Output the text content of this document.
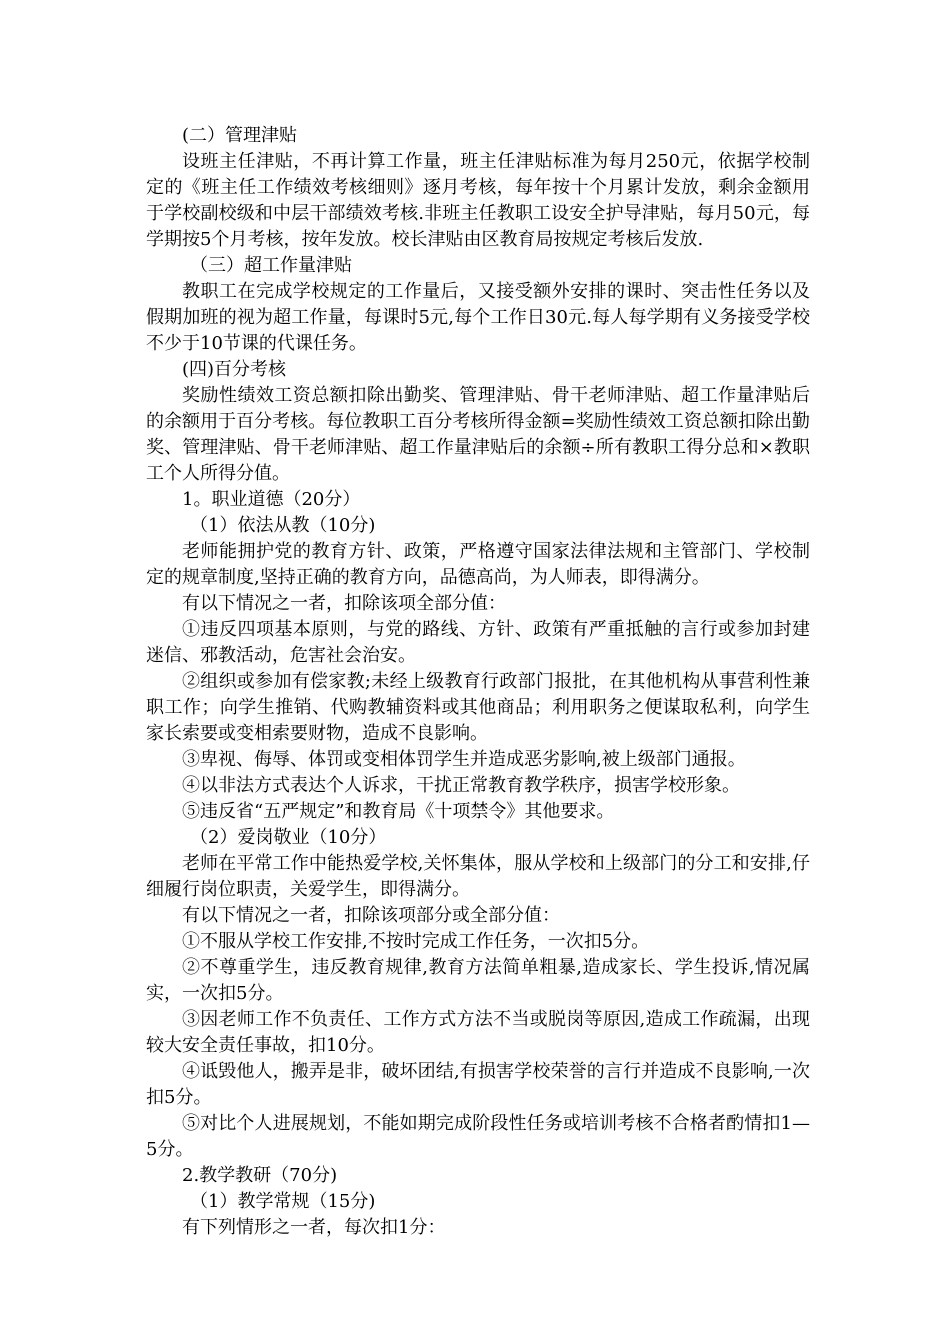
(二）管理津贴

设班主任津贴，不再计算工作量，班主任津贴标准为每月250元，依据学校制定的《班主任工作绩效考核细则》逐月考核，每年按十个月累计发放，剩余金额用于学校副校级和中层干部绩效考核.非班主任教职工设安全护导津贴，每月50元，每学期按5个月考核，按年发放。校长津贴由区教育局按规定考核后发放.

（三）超工作量津贴

教职工在完成学校规定的工作量后，又接受额外安排的课时、突击性任务以及假期加班的视为超工作量，每课时5元,每个工作日30元.每人每学期有义务接受学校不少于10节课的代课任务。

(四)百分考核

奖励性绩效工资总额扣除出勤奖、管理津贴、骨干老师津贴、超工作量津贴后的余额用于百分考核。每位教职工百分考核所得金额=奖励性绩效工资总额扣除出勤奖、管理津贴、骨干老师津贴、超工作量津贴后的余额÷所有教职工得分总和×教职工个人所得分值。

1。职业道德（20分）

（1）依法从教（10分)

老师能拥护党的教育方针、政策，严格遵守国家法律法规和主管部门、学校制定的规章制度,坚持正确的教育方向，品德高尚，为人师表，即得满分。

有以下情况之一者，扣除该项全部分值：

①违反四项基本原则，与党的路线、方针、政策有严重抵触的言行或参加封建迷信、邪教活动，危害社会治安。

②组织或参加有偿家教;未经上级教育行政部门报批，在其他机构从事营利性兼职工作；向学生推销、代购教辅资料或其他商品；利用职务之便谋取私利，向学生家长索要或变相索要财物，造成不良影响。

③卑视、侮辱、体罚或变相体罚学生并造成恶劣影响,被上级部门通报。

④以非法方式表达个人诉求，干扰正常教育教学秩序，损害学校形象。

⑤违反省“五严规定”和教育局《十项禁令》其他要求。

（2）爱岗敬业（10分）

老师在平常工作中能热爱学校,关怀集体，服从学校和上级部门的分工和安排,仔细履行岗位职责，关爱学生，即得满分。

有以下情况之一者，扣除该项部分或全部分值：

①不服从学校工作安排,不按时完成工作任务，一次扣5分。

②不尊重学生，违反教育规律,教育方法简单粗暴,造成家长、学生投诉,情况属实，一次扣5分。

③因老师工作不负责任、工作方式方法不当或脱岗等原因,造成工作疏漏，出现较大安全责任事故，扣10分。

④诋毁他人，搬弄是非，破坏团结,有损害学校荣誉的言行并造成不良影响,一次扣5分。

⑤对比个人进展规划，不能如期完成阶段性任务或培训考核不合格者酌情扣1—5分。

2.教学教研（70分)

（1）教学常规（15分)

有下列情形之一者，每次扣1分：
